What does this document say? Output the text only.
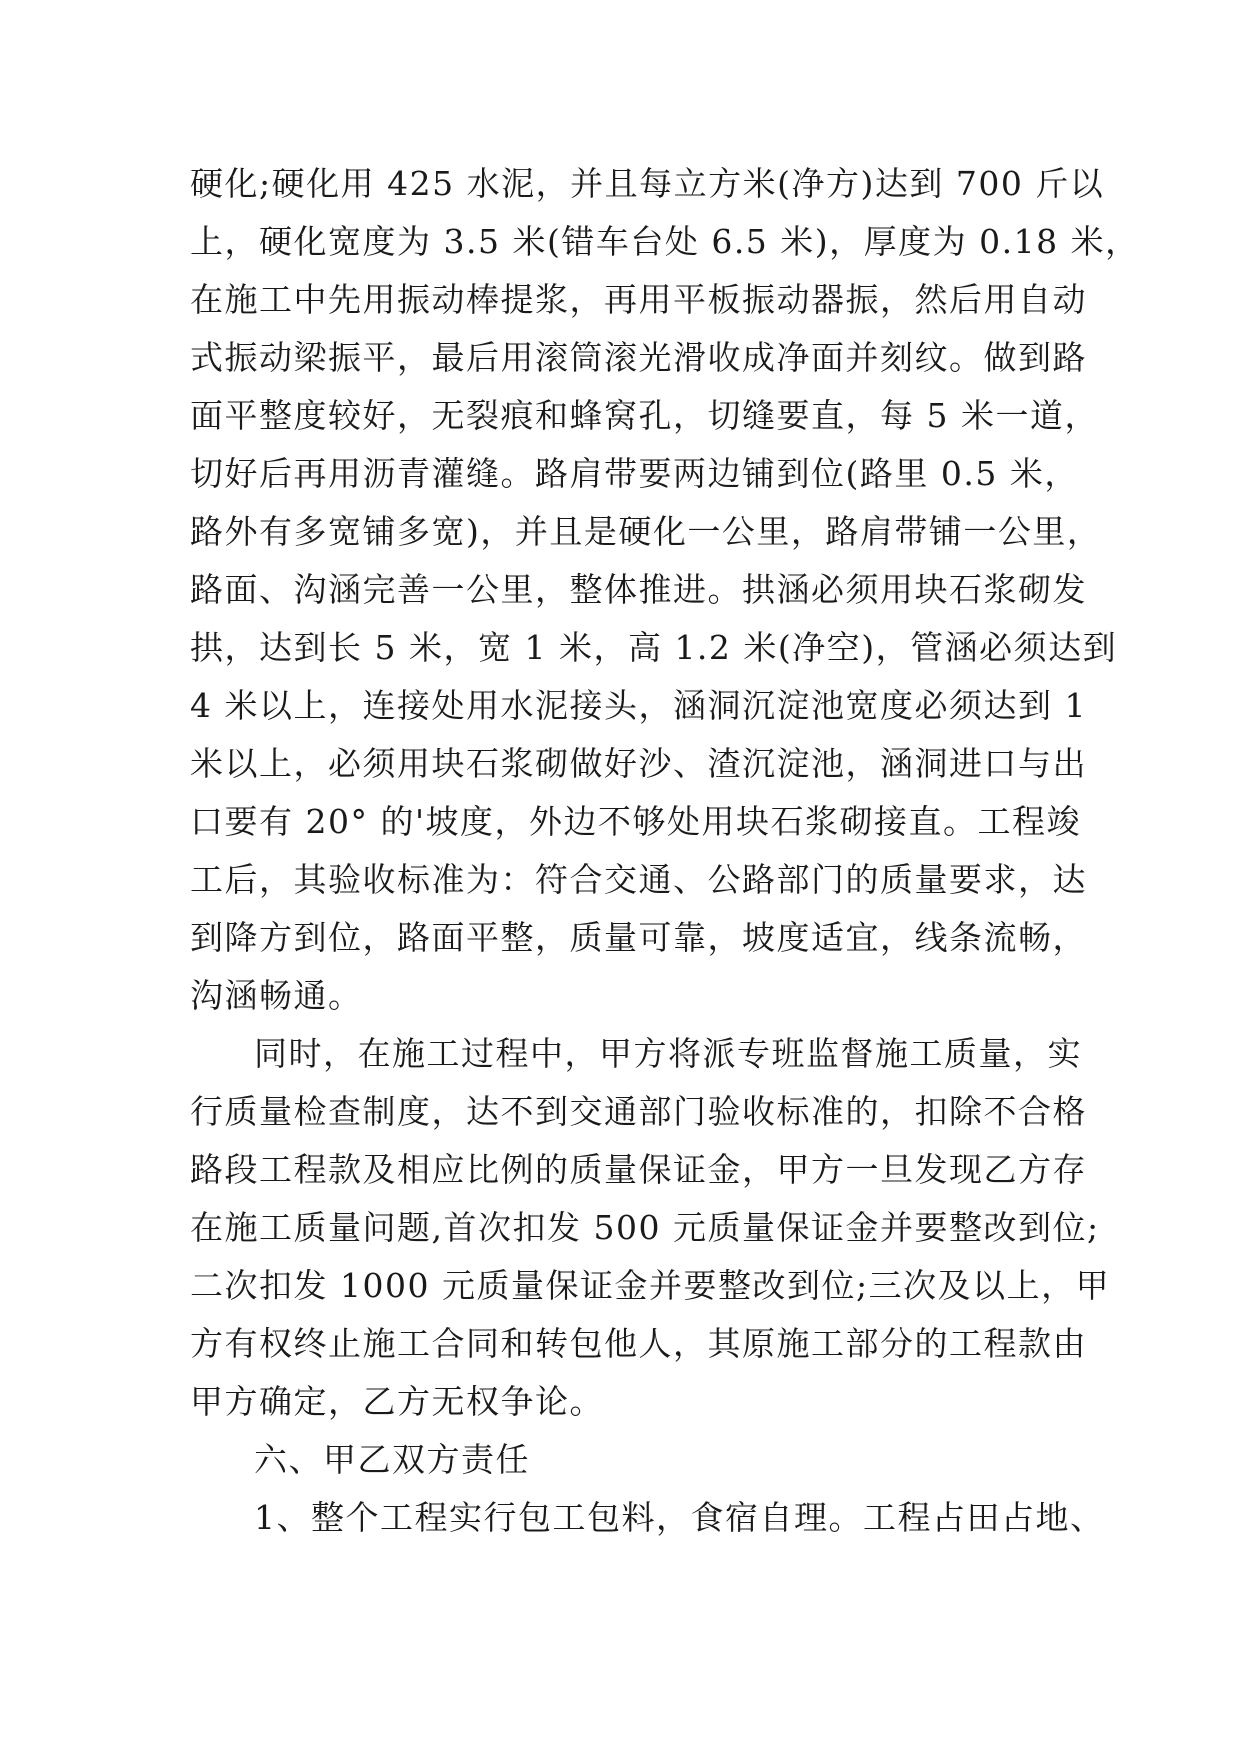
硬化;硬化用 425 水泥，并且每立方米(净方)达到 700 斤以
上，硬化宽度为 3.5 米(错车台处 6.5 米)，厚度为 0.18 米，
在施工中先用振动棒提浆，再用平板振动器振，然后用自动
式振动梁振平，最后用滚筒滚光滑收成净面并刻纹。做到路
面平整度较好，无裂痕和蜂窝孔，切缝要直，每 5 米一道，
切好后再用沥青灌缝。路肩带要两边铺到位(路里 0.5 米，
路外有多宽铺多宽)，并且是硬化一公里，路肩带铺一公里，
路面、沟涵完善一公里，整体推进。拱涵必须用块石浆砌发
拱，达到长 5 米，宽 1 米，高 1.2 米(净空)，管涵必须达到
4 米以上，连接处用水泥接头，涵洞沉淀池宽度必须达到 1
米以上，必须用块石浆砌做好沙、渣沉淀池，涵洞进口与出
口要有 20° 的'坡度，外边不够处用块石浆砌接直。工程竣
工后，其验收标准为：符合交通、公路部门的质量要求，达
到降方到位，路面平整，质量可靠，坡度适宜，线条流畅，
沟涵畅通。
同时，在施工过程中，甲方将派专班监督施工质量，实
行质量检查制度，达不到交通部门验收标准的，扣除不合格
路段工程款及相应比例的质量保证金，甲方一旦发现乙方存
在施工质量问题,首次扣发 500 元质量保证金并要整改到位;
二次扣发 1000 元质量保证金并要整改到位;三次及以上，甲
方有权终止施工合同和转包他人，其原施工部分的工程款由
甲方确定，乙方无权争论。
六、甲乙双方责任
1、整个工程实行包工包料，食宿自理。工程占田占地、
